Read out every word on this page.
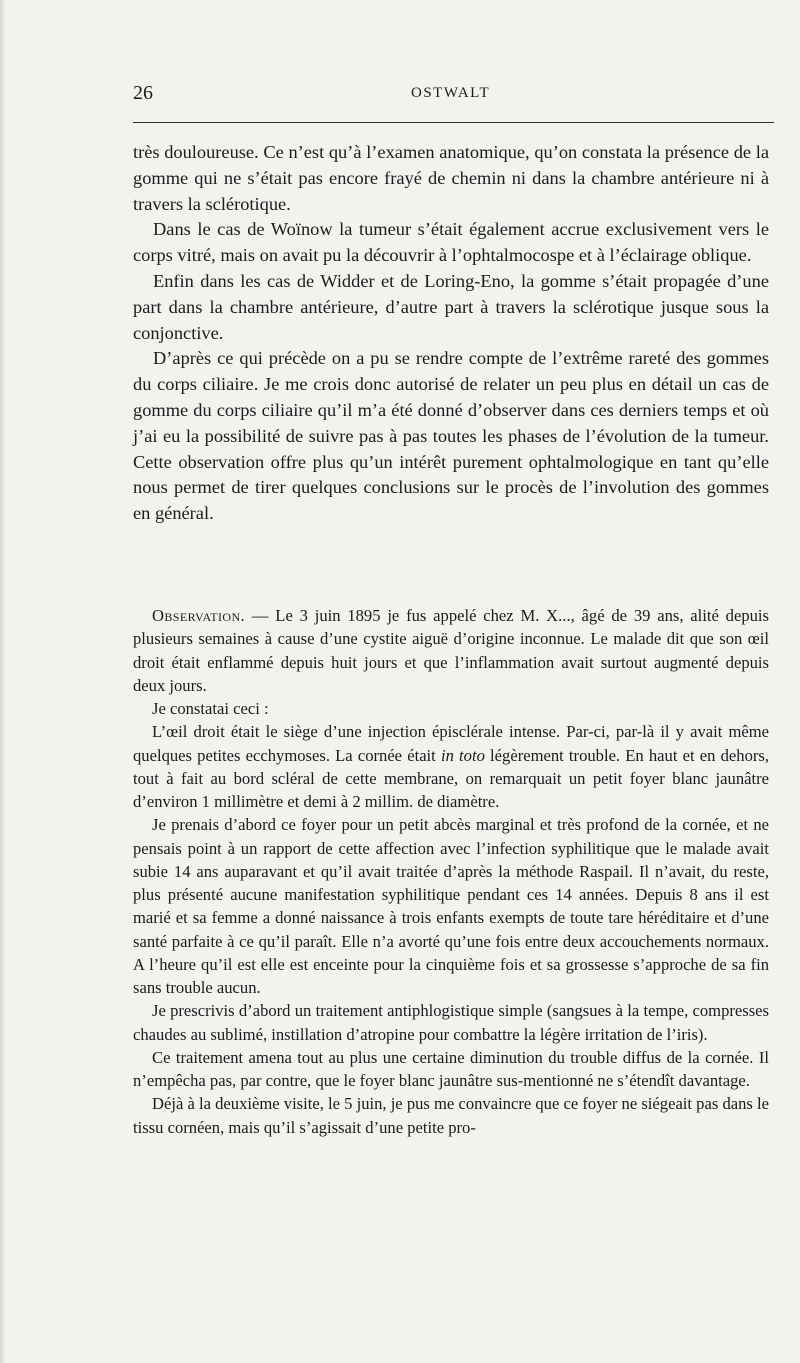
26	OSTWALT

très douloureuse. Ce n’est qu’à l’examen anatomique, qu’on constata la présence de la gomme qui ne s’était pas encore frayé de chemin ni dans la chambre antérieure ni à travers la sclérotique.

Dans le cas de Woïnow la tumeur s’était également accrue exclusivement vers le corps vitré, mais on avait pu la découvrir à l’ophtalmocospe et à l’éclairage oblique.

Enfin dans les cas de Widder et de Loring-Eno, la gomme s’était propagée d’une part dans la chambre antérieure, d’autre part à travers la sclérotique jusque sous la conjonctive.

D’après ce qui précède on a pu se rendre compte de l’extrême rareté des gommes du corps ciliaire. Je me crois donc autorisé de relater un peu plus en détail un cas de gomme du corps ciliaire qu’il m’a été donné d’observer dans ces derniers temps et où j’ai eu la possibilité de suivre pas à pas toutes les phases de l’évolution de la tumeur. Cette observation offre plus qu’un intérêt purement ophtalmologique en tant qu’elle nous permet de tirer quelques conclusions sur le procès de l’involution des gommes en général.

Observation. — Le 3 juin 1895 je fus appelé chez M. X..., âgé de 39 ans, alité depuis plusieurs semaines à cause d’une cystite aiguë d’origine inconnue. Le malade dit que son œil droit était enflammé depuis huit jours et que l’inflammation avait surtout augmenté depuis deux jours.

Je constatai ceci :

L’œil droit était le siège d’une injection épisclérale intense. Par-ci, par-là il y avait même quelques petites ecchymoses. La cornée était in toto légèrement trouble. En haut et en dehors, tout à fait au bord scléral de cette membrane, on remarquait un petit foyer blanc jaunâtre d’environ 1 millimètre et demi à 2 millim. de diamètre.

Je prenais d’abord ce foyer pour un petit abcès marginal et très profond de la cornée, et ne pensais point à un rapport de cette affection avec l’infection syphilitique que le malade avait subie 14 ans auparavant et qu’il avait traitée d’après la méthode Raspail. Il n’avait, du reste, plus présenté aucune manifestation syphilitique pendant ces 14 années. Depuis 8 ans il est marié et sa femme a donné naissance à trois enfants exempts de toute tare héréditaire et d’une santé parfaite à ce qu’il paraît. Elle n’a avorté qu’une fois entre deux accouchements normaux. A l’heure qu’il est elle est enceinte pour la cinquième fois et sa grossesse s’approche de sa fin sans trouble aucun.

Je prescrivis d’abord un traitement antiphlogistique simple (sangsues à la tempe, compresses chaudes au sublimé, instillation d’atropine pour combattre la légère irritation de l’iris).

Ce traitement amena tout au plus une certaine diminution du trouble diffus de la cornée. Il n’empêcha pas, par contre, que le foyer blanc jaunâtre sus-mentionné ne s’étendît davantage.

Déjà à la deuxième visite, le 5 juin, je pus me convaincre que ce foyer ne siégeait pas dans le tissu cornéen, mais qu’il s’agissait d’une petite pro-
